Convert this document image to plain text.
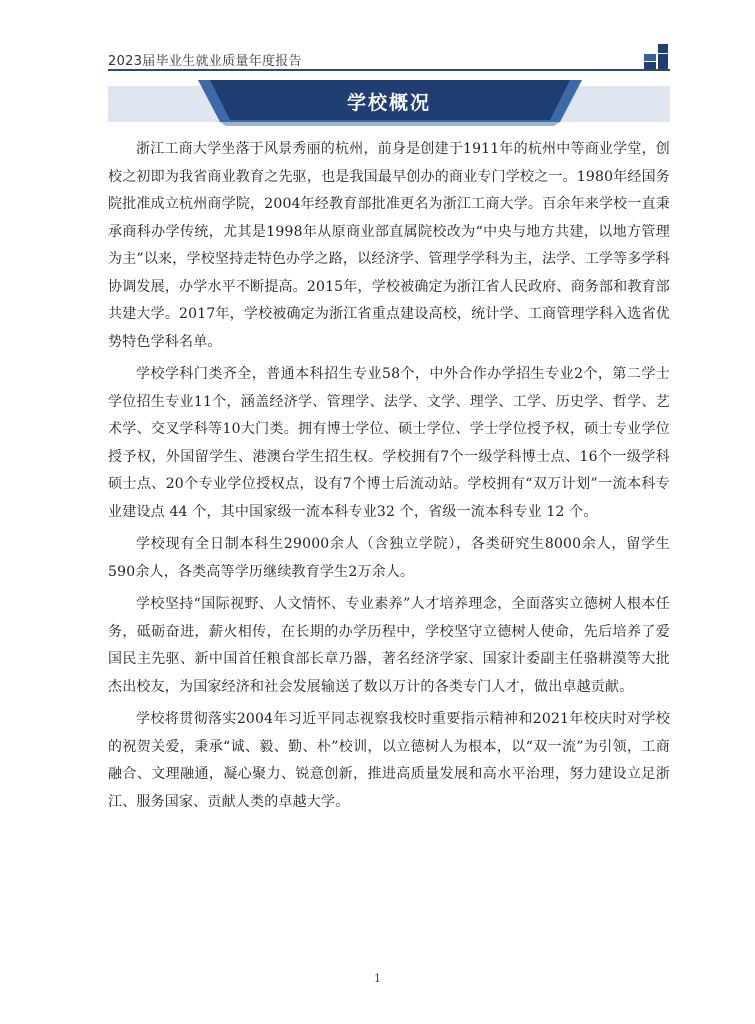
2023届毕业生就业质量年度报告
学校概况

浙江工商大学坐落于风景秀丽的杭州，前身是创建于1911年的杭州中等商业学堂，创校之初即为我省商业教育之先驱，也是我国最早创办的商业专门学校之一。1980年经国务院批准成立杭州商学院，2004年经教育部批准更名为浙江工商大学。百余年来学校一直秉承商科办学传统，尤其是1998年从原商业部直属院校改为“中央与地方共建，以地方管理为主”以来，学校坚持走特色办学之路，以经济学、管理学学科为主，法学、工学等多学科协调发展，办学水平不断提高。2015年，学校被确定为浙江省人民政府、商务部和教育部共建大学。2017年，学校被确定为浙江省重点建设高校，统计学、工商管理学科入选省优势特色学科名单。

学校学科门类齐全，普通本科招生专业58个，中外合作办学招生专业2个，第二学士学位招生专业11个，涵盖经济学、管理学、法学、文学、理学、工学、历史学、哲学、艺术学、交叉学科等10大门类。拥有博士学位、硕士学位、学士学位授予权，硕士专业学位授予权，外国留学生、港澳台学生招生权。学校拥有7个一级学科博士点、16个一级学科硕士点、20个专业学位授权点，设有7个博士后流动站。学校拥有“双万计划”一流本科专业建设点 44 个，其中国家级一流本科专业32 个，省级一流本科专业 12 个。

学校现有全日制本科生29000余人（含独立学院），各类研究生8000余人，留学生590余人，各类高等学历继续教育学生2万余人。

学校坚持“国际视野、人文情怀、专业素养”人才培养理念，全面落实立德树人根本任务，砥砺奋进，薪火相传，在长期的办学历程中，学校坚守立德树人使命，先后培养了爱国民主先驱、新中国首任粮食部长章乃器，著名经济学家、国家计委副主任骆耕漠等大批杰出校友，为国家经济和社会发展输送了数以万计的各类专门人才，做出卓越贡献。

学校将贯彻落实2004年习近平同志视察我校时重要指示精神和2021年校庆时对学校的祝贺关爱，秉承“诚、毅、勤、朴”校训，以立德树人为根本，以“双一流”为引领，工商融合、文理融通，凝心聚力、锐意创新，推进高质量发展和高水平治理，努力建设立足浙江、服务国家、贡献人类的卓越大学。

1
